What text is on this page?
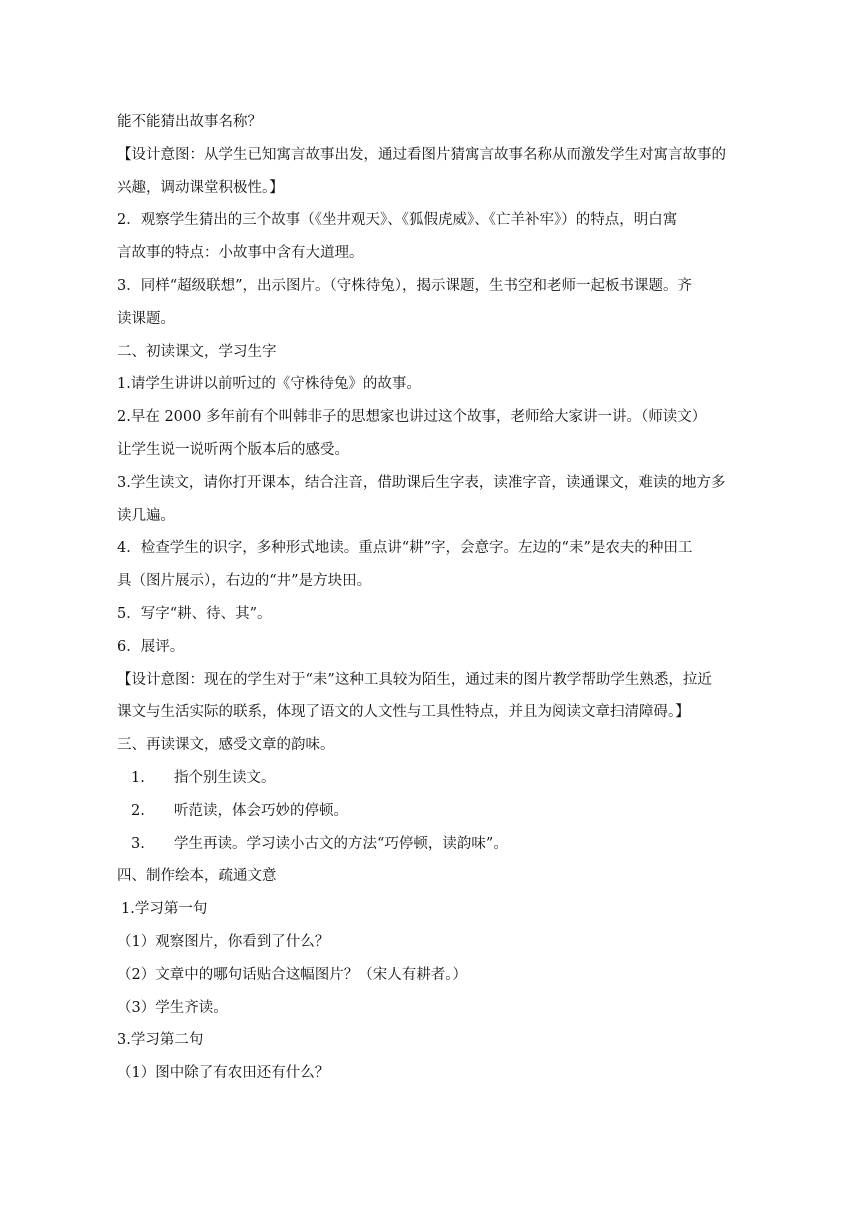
能不能猜出故事名称？
【设计意图：从学生已知寓言故事出发，通过看图片猜寓言故事名称从而激发学生对寓言故事的
兴趣，调动课堂积极性。】
2．观察学生猜出的三个故事（《坐井观天》、《狐假虎威》、《亡羊补牢》）的特点，明白寓
言故事的特点：小故事中含有大道理。
3．同样“超级联想”，出示图片。（守株待兔），揭示课题，生书空和老师一起板书课题。齐
读课题。
二、初读课文，学习生字
1.请学生讲讲以前听过的《守株待兔》的故事。
2.早在 2000 多年前有个叫韩非子的思想家也讲过这个故事，老师给大家讲一讲。（师读文）
让学生说一说听两个版本后的感受。
3.学生读文，请你打开课本，结合注音，借助课后生字表，读准字音，读通课文，难读的地方多
读几遍。
4．检查学生的识字，多种形式地读。重点讲“耕”字，会意字。左边的“耒”是农夫的种田工
具（图片展示），右边的“井”是方块田。
5．写字“耕、待、其”。
6．展评。
【设计意图：现在的学生对于“耒”这种工具较为陌生，通过耒的图片教学帮助学生熟悉，拉近
课文与生活实际的联系，体现了语文的人文性与工具性特点，并且为阅读文章扫清障碍。】
三、再读课文，感受文章的韵味。
1. 指个别生读文。
2. 听范读，体会巧妙的停顿。
3. 学生再读。学习读小古文的方法“巧停顿，读韵味”。
四、制作绘本，疏通文意
1.学习第一句
（1）观察图片，你看到了什么？
（2）文章中的哪句话贴合这幅图片？（宋人有耕者。）
（3）学生齐读。
3.学习第二句
（1）图中除了有农田还有什么？
